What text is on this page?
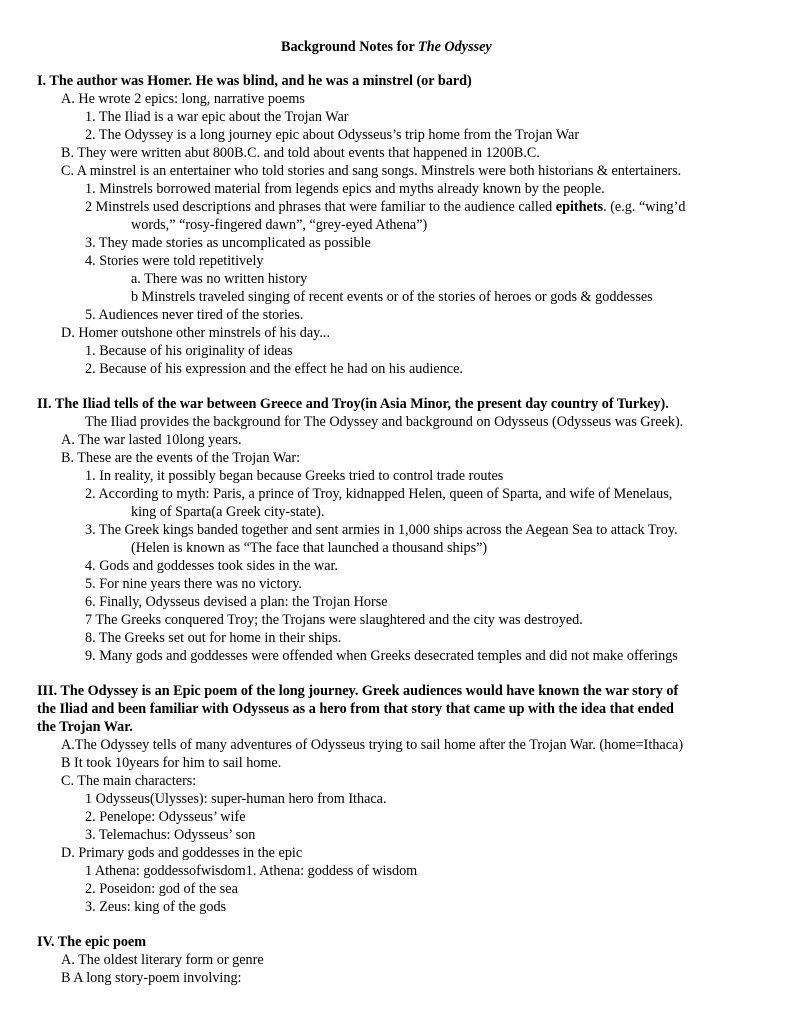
Background Notes for The Odyssey
I. The author was Homer. He was blind, and he was a minstrel (or bard)
A. He wrote 2 epics: long, narrative poems
1. The Iliad is a war epic about the Trojan War
2. The Odyssey is a long journey epic about Odysseus’s trip home from the Trojan War
B. They were written abut 800B.C. and told about events that happened in 1200B.C.
C. A minstrel is an entertainer who told stories and sang songs. Minstrels were both historians & entertainers.
1. Minstrels borrowed material from legends epics and myths already known by the people.
2 Minstrels used descriptions and phrases that were familiar to the audience called epithets. (e.g. “wing’d
words,” “rosy-fingered dawn”, “grey-eyed Athena”)
3. They made stories as uncomplicated as possible
4. Stories were told repetitively
a. There was no written history
b Minstrels traveled singing of recent events or of the stories of heroes or gods & goddesses
5. Audiences never tired of the stories.
D. Homer outshone other minstrels of his day...
1. Because of his originality of ideas
2. Because of his expression and the effect he had on his audience.
II. The Iliad tells of the war between Greece and Troy(in Asia Minor, the present day country of Turkey).
The Iliad provides the background for The Odyssey and background on Odysseus (Odysseus was Greek).
A. The war lasted 10long years.
B. These are the events of the Trojan War:
1. In reality, it possibly began because Greeks tried to control trade routes
2. According to myth: Paris, a prince of Troy, kidnapped Helen, queen of Sparta, and wife of Menelaus,
king of Sparta(a Greek city-state).
3. The Greek kings banded together and sent armies in 1,000 ships across the Aegean Sea to attack Troy.
(Helen is known as “The face that launched a thousand ships”)
4. Gods and goddesses took sides in the war.
5. For nine years there was no victory.
6. Finally, Odysseus devised a plan: the Trojan Horse
7 The Greeks conquered Troy; the Trojans were slaughtered and the city was destroyed.
8. The Greeks set out for home in their ships.
9. Many gods and goddesses were offended when Greeks desecrated temples and did not make offerings
III. The Odyssey is an Epic poem of the long journey. Greek audiences would have known the war story of
the Iliad and been familiar with Odysseus as a hero from that story that came up with the idea that ended
the Trojan War.
A.The Odyssey tells of many adventures of Odysseus trying to sail home after the Trojan War. (home=Ithaca)
B It took 10years for him to sail home.
C. The main characters:
1 Odysseus(Ulysses): super-human hero from Ithaca.
2. Penelope: Odysseus’ wife
3. Telemachus: Odysseus’ son
D. Primary gods and goddesses in the epic
1 Athena: goddessofwisdom1. Athena: goddess of wisdom
2. Poseidon: god of the sea
3. Zeus: king of the gods
IV. The epic poem
A. The oldest literary form or genre
B A long story-poem involving:
